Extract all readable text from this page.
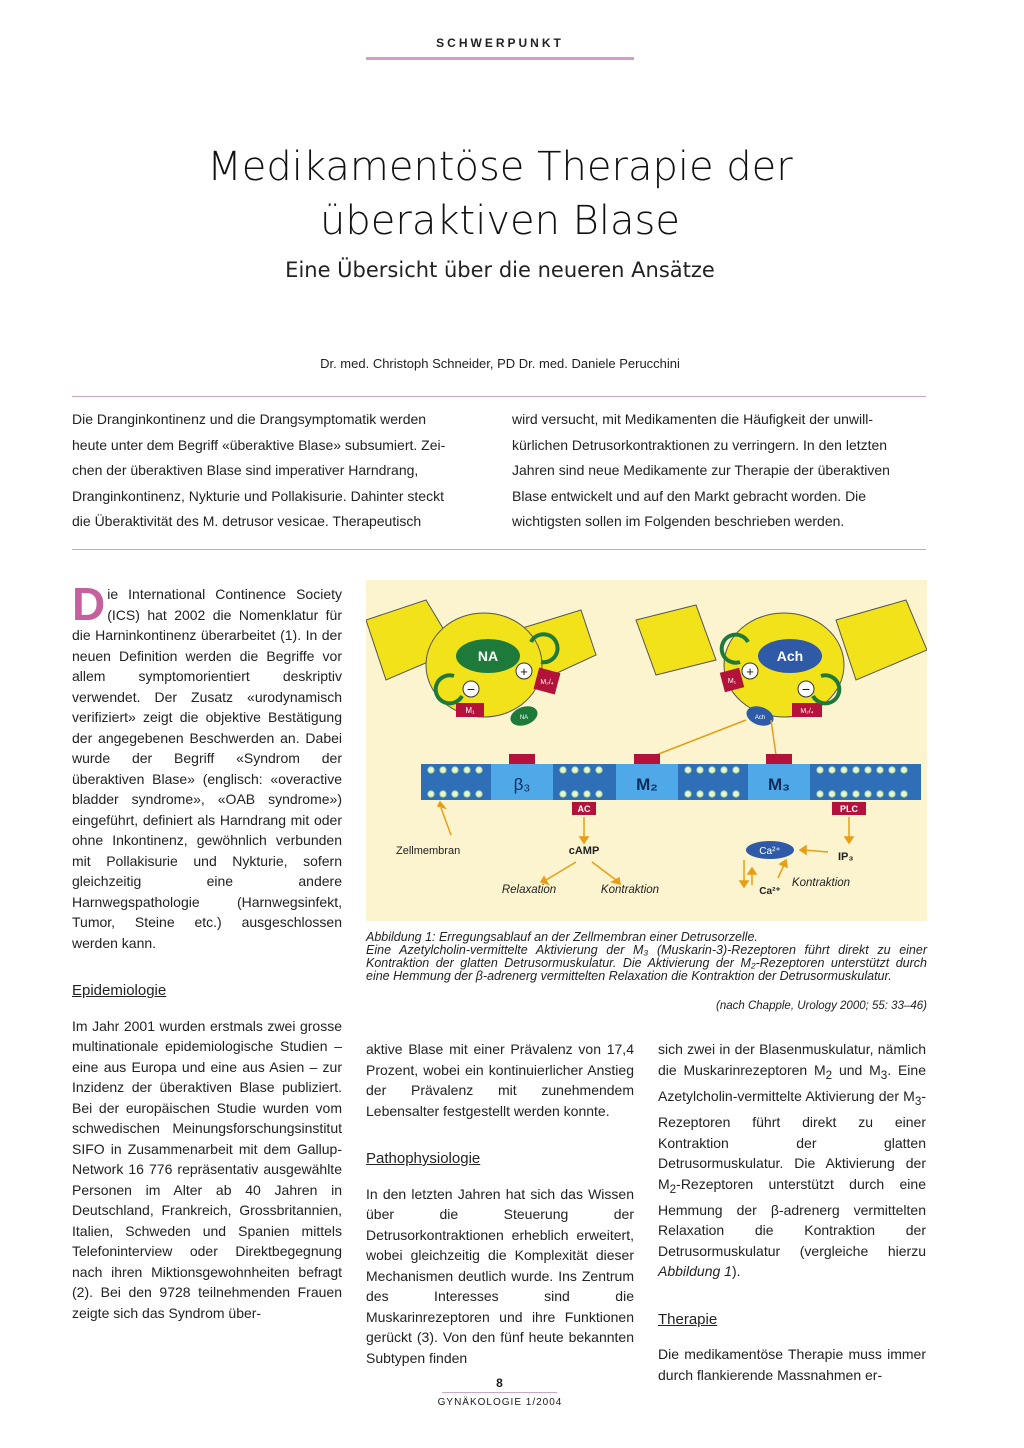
SCHWERPUNKT
Medikamentöse Therapie der
überaktiven Blase
Eine Übersicht über die neueren Ansätze
Dr. med. Christoph Schneider, PD Dr. med. Daniele Perucchini
Die Dranginkontinenz und die Drangsymptomatik werden
heute unter dem Begriff «überaktive Blase» subsumiert. Zei-
chen der überaktiven Blase sind imperativer Harndrang,
Dranginkontinenz, Nykturie und Pollakisurie. Dahinter steckt
die Überaktivität des M. detrusor vesicae. Therapeutisch
wird versucht, mit Medikamenten die Häufigkeit der unwill-
kürlichen Detrusorkontraktionen zu verringern. In den letzten
Jahren sind neue Medikamente zur Therapie der überaktiven
Blase entwickelt und auf den Markt gebracht worden. Die
wichtigsten sollen im Folgenden beschrieben werden.

Die International Continence Society (ICS) hat 2002 die Nomenklatur für die Harninkontinenz überarbeitet (1). In der neuen Definition werden die Begriffe vor allem symptomorientiert deskriptiv verwendet. Der Zusatz «urodynamisch verifiziert» zeigt die objektive Bestätigung der angegebenen Beschwerden an. Dabei wurde der Begriff «Syndrom der überaktiven Blase» (englisch: «overactive bladder syndrome», «OAB syndrome») eingeführt, definiert als Harndrang mit oder ohne Inkontinenz, gewöhnlich verbunden mit Pollakisurie und Nykturie, sofern gleichzeitig eine andere Harnwegspathologie (Harnwegsinfekt, Tumor, Steine etc.) ausgeschlossen werden kann.

Epidemiologie

Im Jahr 2001 wurden erstmals zwei grosse multinationale epidemiologische Studien – eine aus Europa und eine aus Asien – zur Inzidenz der überaktiven Blase publiziert. Bei der europäischen Studie wurden vom schwedischen Meinungsforschungsinstitut SIFO in Zusammenarbeit mit dem Gallup-Network 16 776 repräsentativ ausgewählte Personen im Alter ab 40 Jahren in Deutschland, Frankreich, Grossbritannien, Italien, Schweden und Spanien mittels Telefoninterview oder Direktbegegnung nach ihren Miktionsgewohnheiten befragt (2). Bei den 9728 teilnehmenden Frauen zeigte sich das Syndrom über-

NA
+
−	M₂/₄
M₁
NA
Ach
+
−
M₁
M₂/₄
Ach
β₃	M₂	M₃
AC	PLC
Zellmembran	cAMP	Ca²⁺	IP₃
Relaxation	Kontraktion
Kontraktion
Ca²⁺
Abbildung 1: Erregungsablauf an der Zellmembran einer Detrusorzelle.
Eine Azetylcholin-vermittelte Aktivierung der M₃ (Muskarin-3)-Rezeptoren führt direkt zu einer Kontraktion der glatten Detrusormuskulatur. Die Aktivierung der M₂-Rezeptoren unterstützt durch eine Hemmung der β-adrenerg vermittelten Relaxation die Kontraktion der Detrusormuskulatur.
(nach Chapple, Urology 2000; 55: 33–46)

aktive Blase mit einer Prävalenz von 17,4 Prozent, wobei ein kontinuierlicher Anstieg der Prävalenz mit zunehmendem Lebensalter festgestellt werden konnte.

Pathophysiologie

In den letzten Jahren hat sich das Wissen über die Steuerung der Detrusorkontraktionen erheblich erweitert, wobei gleichzeitig die Komplexität dieser Mechanismen deutlich wurde. Ins Zentrum des Interesses sind die Muskarinrezeptoren und ihre Funktionen gerückt (3). Von den fünf heute bekannten Subtypen finden

sich zwei in der Blasenmuskulatur, nämlich die Muskarinrezeptoren $M_2$ und $M_3$. Eine Azetylcholin-vermittelte Aktivierung der $M_3$-Rezeptoren führt direkt zu einer Kontraktion der glatten Detrusormuskulatur. Die Aktivierung der $M_2$-Rezeptoren unterstützt durch eine Hemmung der β-adrenerg vermittelten Relaxation die Kontraktion der Detrusormuskulatur (vergleiche hierzu Abbildung 1).

Therapie

Die medikamentöse Therapie muss immer durch flankierende Massnahmen er-

8
GYNÄKOLOGIE 1/2004
